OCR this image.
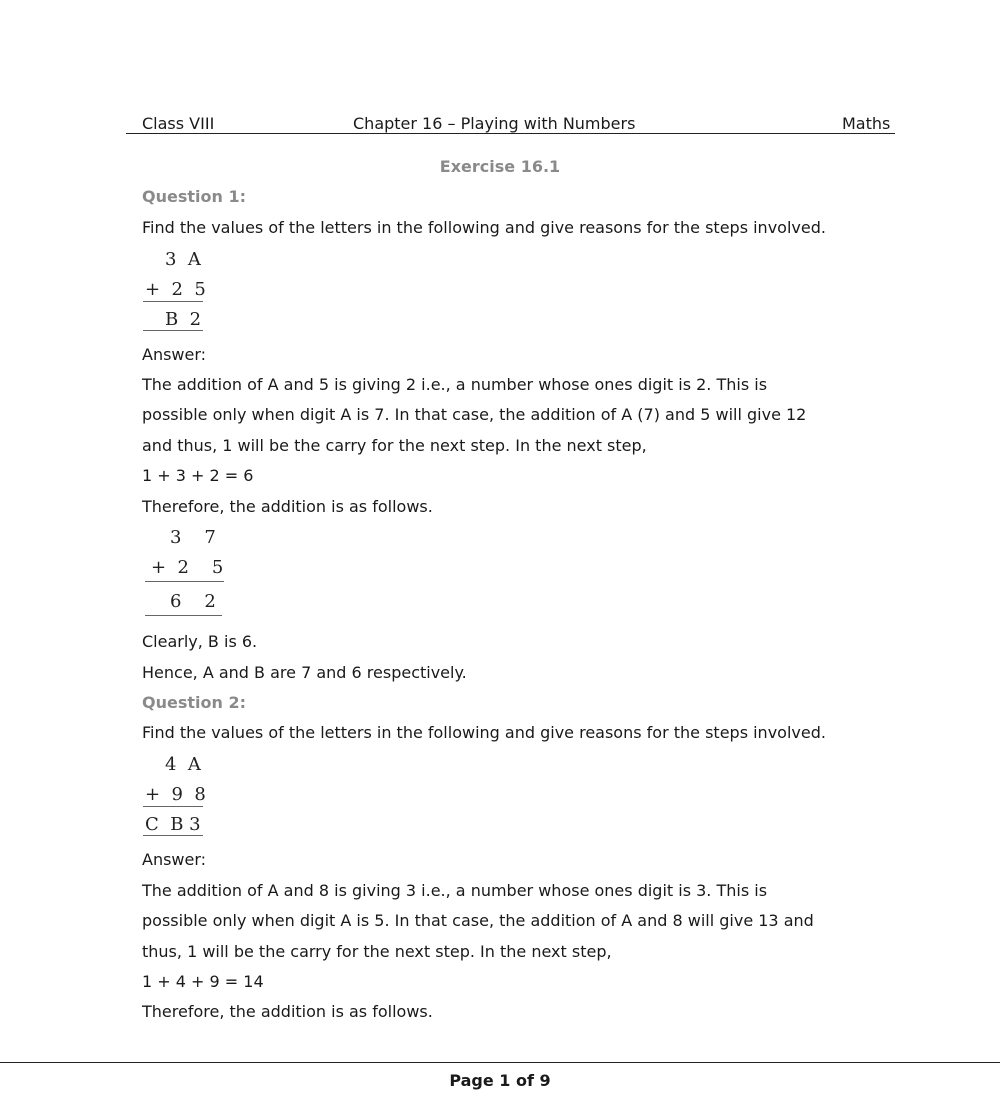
Class VIII	Chapter 16 – Playing with Numbers	Maths
Exercise 16.1
Question 1:
Find the values of the letters in the following and give reasons for the steps involved.
3  A
+  2  5
B  2
Answer:
The addition of A and 5 is giving 2 i.e., a number whose ones digit is 2. This is
possible only when digit A is 7. In that case, the addition of A (7) and 5 will give 12
and thus, 1 will be the carry for the next step. In the next step,
1 + 3 + 2 = 6
Therefore, the addition is as follows.
3    7
+  2    5
6    2
Clearly, B is 6.
Hence, A and B are 7 and 6 respectively.
Question 2:
Find the values of the letters in the following and give reasons for the steps involved.
4  A
+  9  8
C  B 3
Answer:
The addition of A and 8 is giving 3 i.e., a number whose ones digit is 3. This is
possible only when digit A is 5. In that case, the addition of A and 8 will give 13 and
thus, 1 will be the carry for the next step. In the next step,
1 + 4 + 9 = 14
Therefore, the addition is as follows.
Page 1 of 9
